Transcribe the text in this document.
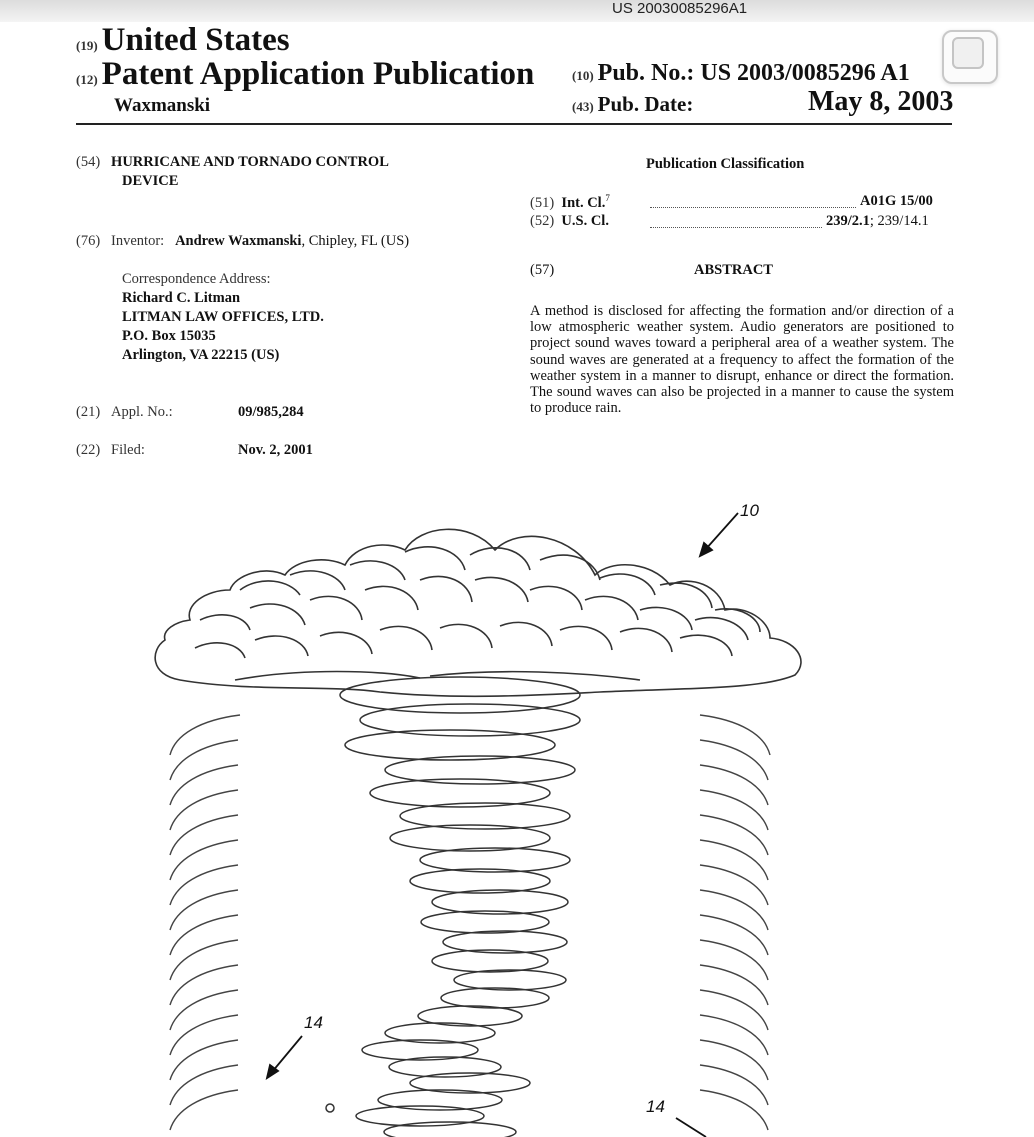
US 20030085296A1
(19) United States
(12) Patent Application Publication
Waxmanski
(10) Pub. No.: US 2003/0085296 A1
(43) Pub. Date:	May 8, 2003
(54) HURRICANE AND TORNADO CONTROL
DEVICE
(76) Inventor: Andrew Waxmanski, Chipley, FL (US)
Correspondence Address:
Richard C. Litman
LITMAN LAW OFFICES, LTD.
P.O. Box 15035
Arlington, VA 22215 (US)
(21) Appl. No.:	09/985,284
(22) Filed:	Nov. 2, 2001
Publication Classification
(51) Int. Cl.$^7$	A01G 15/00
(52) U.S. Cl.	239/2.1; 239/14.1
(57)	ABSTRACT
A method is disclosed for affecting the formation and/or direction of a low atmospheric weather system. Audio generators are positioned to project sound waves toward a peripheral area of a weather system. The sound waves are generated at a frequency to affect the formation of the weather system in a manner to disrupt, enhance or direct the formation. The sound waves can also be projected in a manner to cause the system to produce rain.
10
14
14
